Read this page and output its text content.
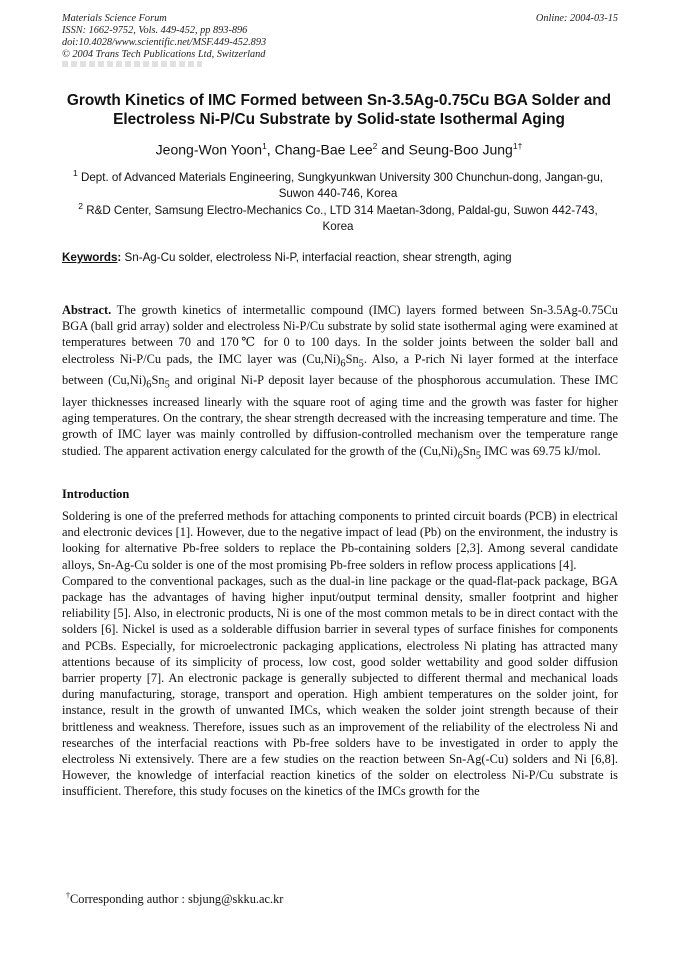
Materials Science Forum
ISSN: 1662-9752, Vols. 449-452, pp 893-896
doi:10.4028/www.scientific.net/MSF.449-452.893
© 2004 Trans Tech Publications Ltd, Switzerland
Online: 2004-03-15
Growth Kinetics of IMC Formed between Sn-3.5Ag-0.75Cu BGA Solder and Electroless Ni-P/Cu Substrate by Solid-state Isothermal Aging
Jeong-Won Yoon$^1$, Chang-Bae Lee$^2$ and Seung-Boo Jung$^{1\dagger}$
$^1$ Dept. of Advanced Materials Engineering, Sungkyunkwan University 300 Chunchun-dong, Jangan-gu, Suwon 440-746, Korea
$^2$ R&D Center, Samsung Electro-Mechanics Co., LTD 314 Maetan-3dong, Paldal-gu, Suwon 442-743, Korea
Keywords: Sn-Ag-Cu solder, electroless Ni-P, interfacial reaction, shear strength, aging
Abstract. The growth kinetics of intermetallic compound (IMC) layers formed between Sn-3.5Ag-0.75Cu BGA (ball grid array) solder and electroless Ni-P/Cu substrate by solid state isothermal aging were examined at temperatures between 70 and 170℃ for 0 to 100 days. In the solder joints between the solder ball and electroless Ni-P/Cu pads, the IMC layer was $(Cu,Ni)_6Sn_5$. Also, a P-rich Ni layer formed at the interface between $(Cu,Ni)_6Sn_5$ and original Ni-P deposit layer because of the phosphorous accumulation. These IMC layer thicknesses increased linearly with the square root of aging time and the growth was faster for higher aging temperatures. On the contrary, the shear strength decreased with the increasing temperature and time. The growth of IMC layer was mainly controlled by diffusion-controlled mechanism over the temperature range studied. The apparent activation energy calculated for the growth of the $(Cu,Ni)_6Sn_5$ IMC was 69.75 kJ/mol.
Introduction

Soldering is one of the preferred methods for attaching components to printed circuit boards (PCB) in electrical and electronic devices [1]. However, due to the negative impact of lead (Pb) on the environment, the industry is looking for alternative Pb-free solders to replace the Pb-containing solders [2,3]. Among several candidate alloys, Sn-Ag-Cu solder is one of the most promising Pb-free solders in reflow process applications [4].

Compared to the conventional packages, such as the dual-in line package or the quad-flat-pack package, BGA package has the advantages of having higher input/output terminal density, smaller footprint and higher reliability [5]. Also, in electronic products, Ni is one of the most common metals to be in direct contact with the solders [6]. Nickel is used as a solderable diffusion barrier in several types of surface finishes for components and PCBs. Especially, for microelectronic packaging applications, electroless Ni plating has attracted many attentions because of its simplicity of process, low cost, good solder wettability and good solder diffusion barrier property [7]. An electronic package is generally subjected to different thermal and mechanical loads during manufacturing, storage, transport and operation. High ambient temperatures on the solder joint, for instance, result in the growth of unwanted IMCs, which weaken the solder joint strength because of their brittleness and weakness. Therefore, issues such as an improvement of the reliability of the electroless Ni and researches of the interfacial reactions with Pb-free solders have to be investigated in order to apply the electroless Ni extensively. There are a few studies on the reaction between Sn-Ag(-Cu) solders and Ni [6,8]. However, the knowledge of interfacial reaction kinetics of the solder on electroless Ni-P/Cu substrate is insufficient. Therefore, this study focuses on the kinetics of the IMCs growth for the

†Corresponding author : sbjung@skku.ac.kr
